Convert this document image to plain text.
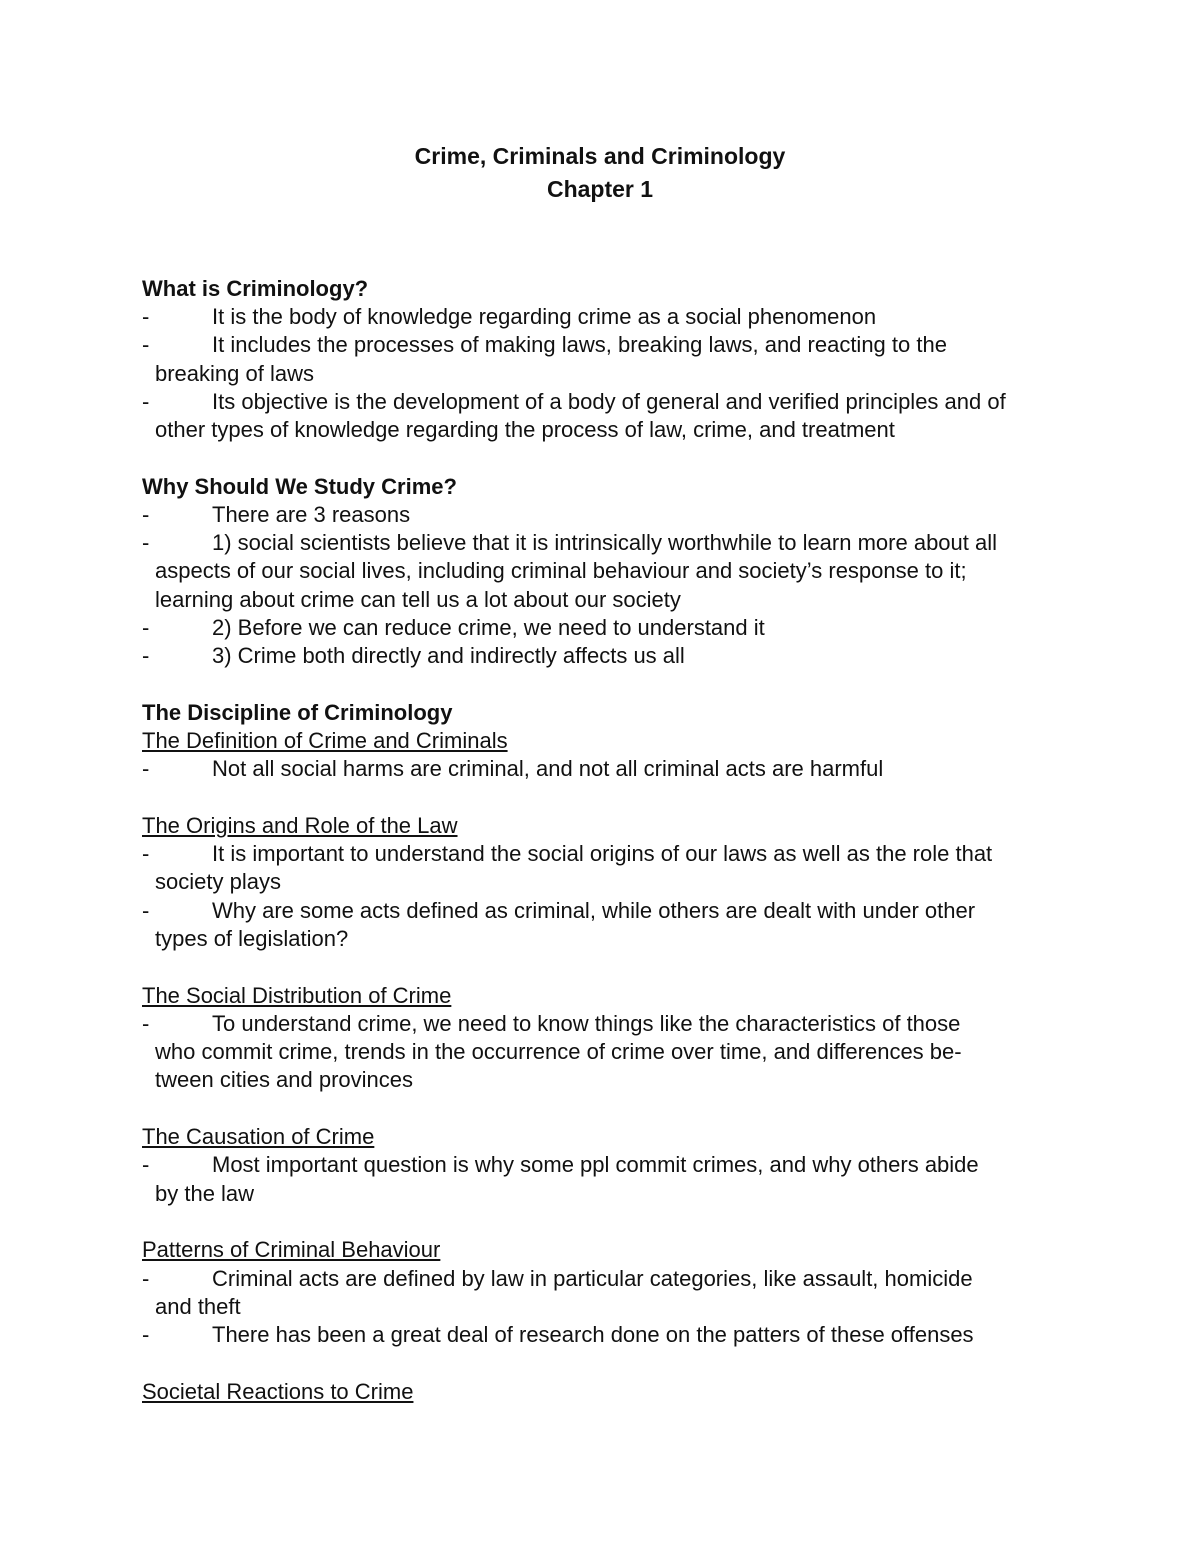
Crime, Criminals and Criminology
Chapter 1
What is Criminology?
-	It is the body of knowledge regarding crime as a social phenomenon
-	It includes the processes of making laws, breaking laws, and reacting to the
breaking of laws
-	Its objective is the development of a body of general and verified principles and of
other types of knowledge regarding the process of law, crime, and treatment
Why Should We Study Crime?
-	There are 3 reasons
-	1) social scientists believe that it is intrinsically worthwhile to learn more about all
aspects of our social lives, including criminal behaviour and society’s response to it;
learning about crime can tell us a lot about our society
-	2) Before we can reduce crime, we need to understand it
-	3) Crime both directly and indirectly affects us all
The Discipline of Criminology
The Definition of Crime and Criminals
-	Not all social harms are criminal, and not all criminal acts are harmful
The Origins and Role of the Law
-	It is important to understand the social origins of our laws as well as the role that
society plays
-	Why are some acts defined as criminal, while others are dealt with under other
types of legislation?
The Social Distribution of Crime
-	To understand crime, we need to know things like the characteristics of those
who commit crime, trends in the occurrence of crime over time, and differences be-
tween cities and provinces
The Causation of Crime
-	Most important question is why some ppl commit crimes, and why others abide
by the law
Patterns of Criminal Behaviour
-	Criminal acts are defined by law in particular categories, like assault, homicide
and theft
-	There has been a great deal of research done on the patters of these offenses
Societal Reactions to Crime
